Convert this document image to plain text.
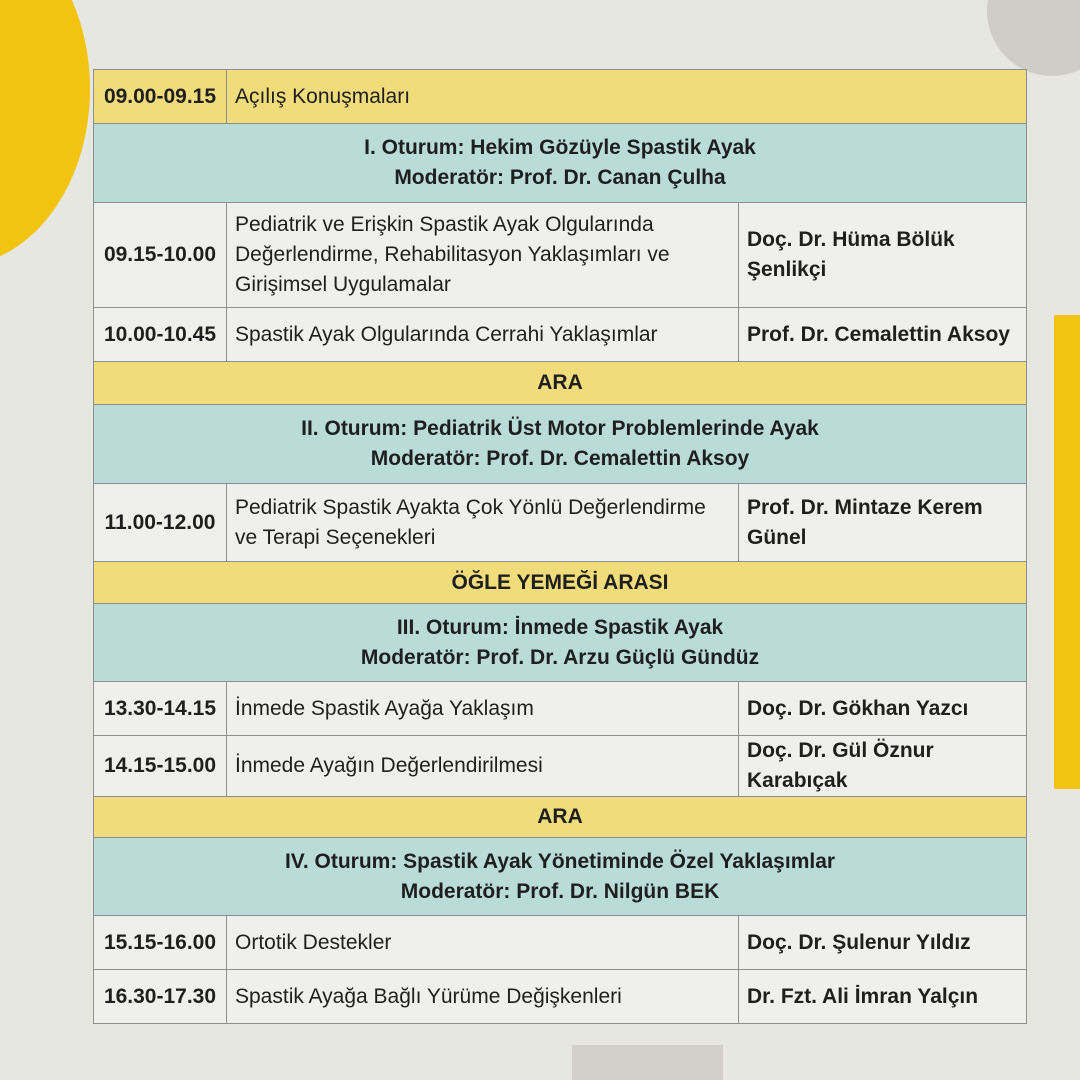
09.00-09.15	Açılış Konuşmaları	

I. Oturum: Hekim Gözüyle Spastik Ayak
Moderatör: Prof. Dr. Canan Çulha		

09.15-10.00	Pediatrik ve Erişkin Spastik Ayak Olgularında Değerlendirme, Rehabilitasyon Yaklaşımları ve Girişimsel Uygulamalar	Doç. Dr. Hüma Bölük Şenlikçi
10.00-10.45	Spastik Ayak Olgularında Cerrahi Yaklaşımlar	Prof. Dr. Cemalettin Aksoy
ARA		

II. Oturum: Pediatrik Üst Motor Problemlerinde Ayak
Moderatör: Prof. Dr. Cemalettin Aksoy		

11.00-12.00	Pediatrik Spastik Ayakta Çok Yönlü Değerlendirme ve Terapi Seçenekleri	Prof. Dr. Mintaze Kerem Günel
ÖĞLE YEMEĞİ ARASI		

III. Oturum: İnmede Spastik Ayak
Moderatör: Prof. Dr. Arzu Güçlü Gündüz		

13.30-14.15	İnmede Spastik Ayağa Yaklaşım	Doç. Dr. Gökhan Yazcı
14.15-15.00	İnmede Ayağın Değerlendirilmesi	Doç. Dr. Gül Öznur Karabıçak
ARA		

IV. Oturum: Spastik Ayak Yönetiminde Özel Yaklaşımlar
Moderatör: Prof. Dr. Nilgün BEK		

15.15-16.00	Ortotik Destekler	Doç. Dr. Şulenur Yıldız
16.30-17.30	Spastik Ayağa Bağlı Yürüme Değişkenleri	Dr. Fzt. Ali İmran Yalçın
